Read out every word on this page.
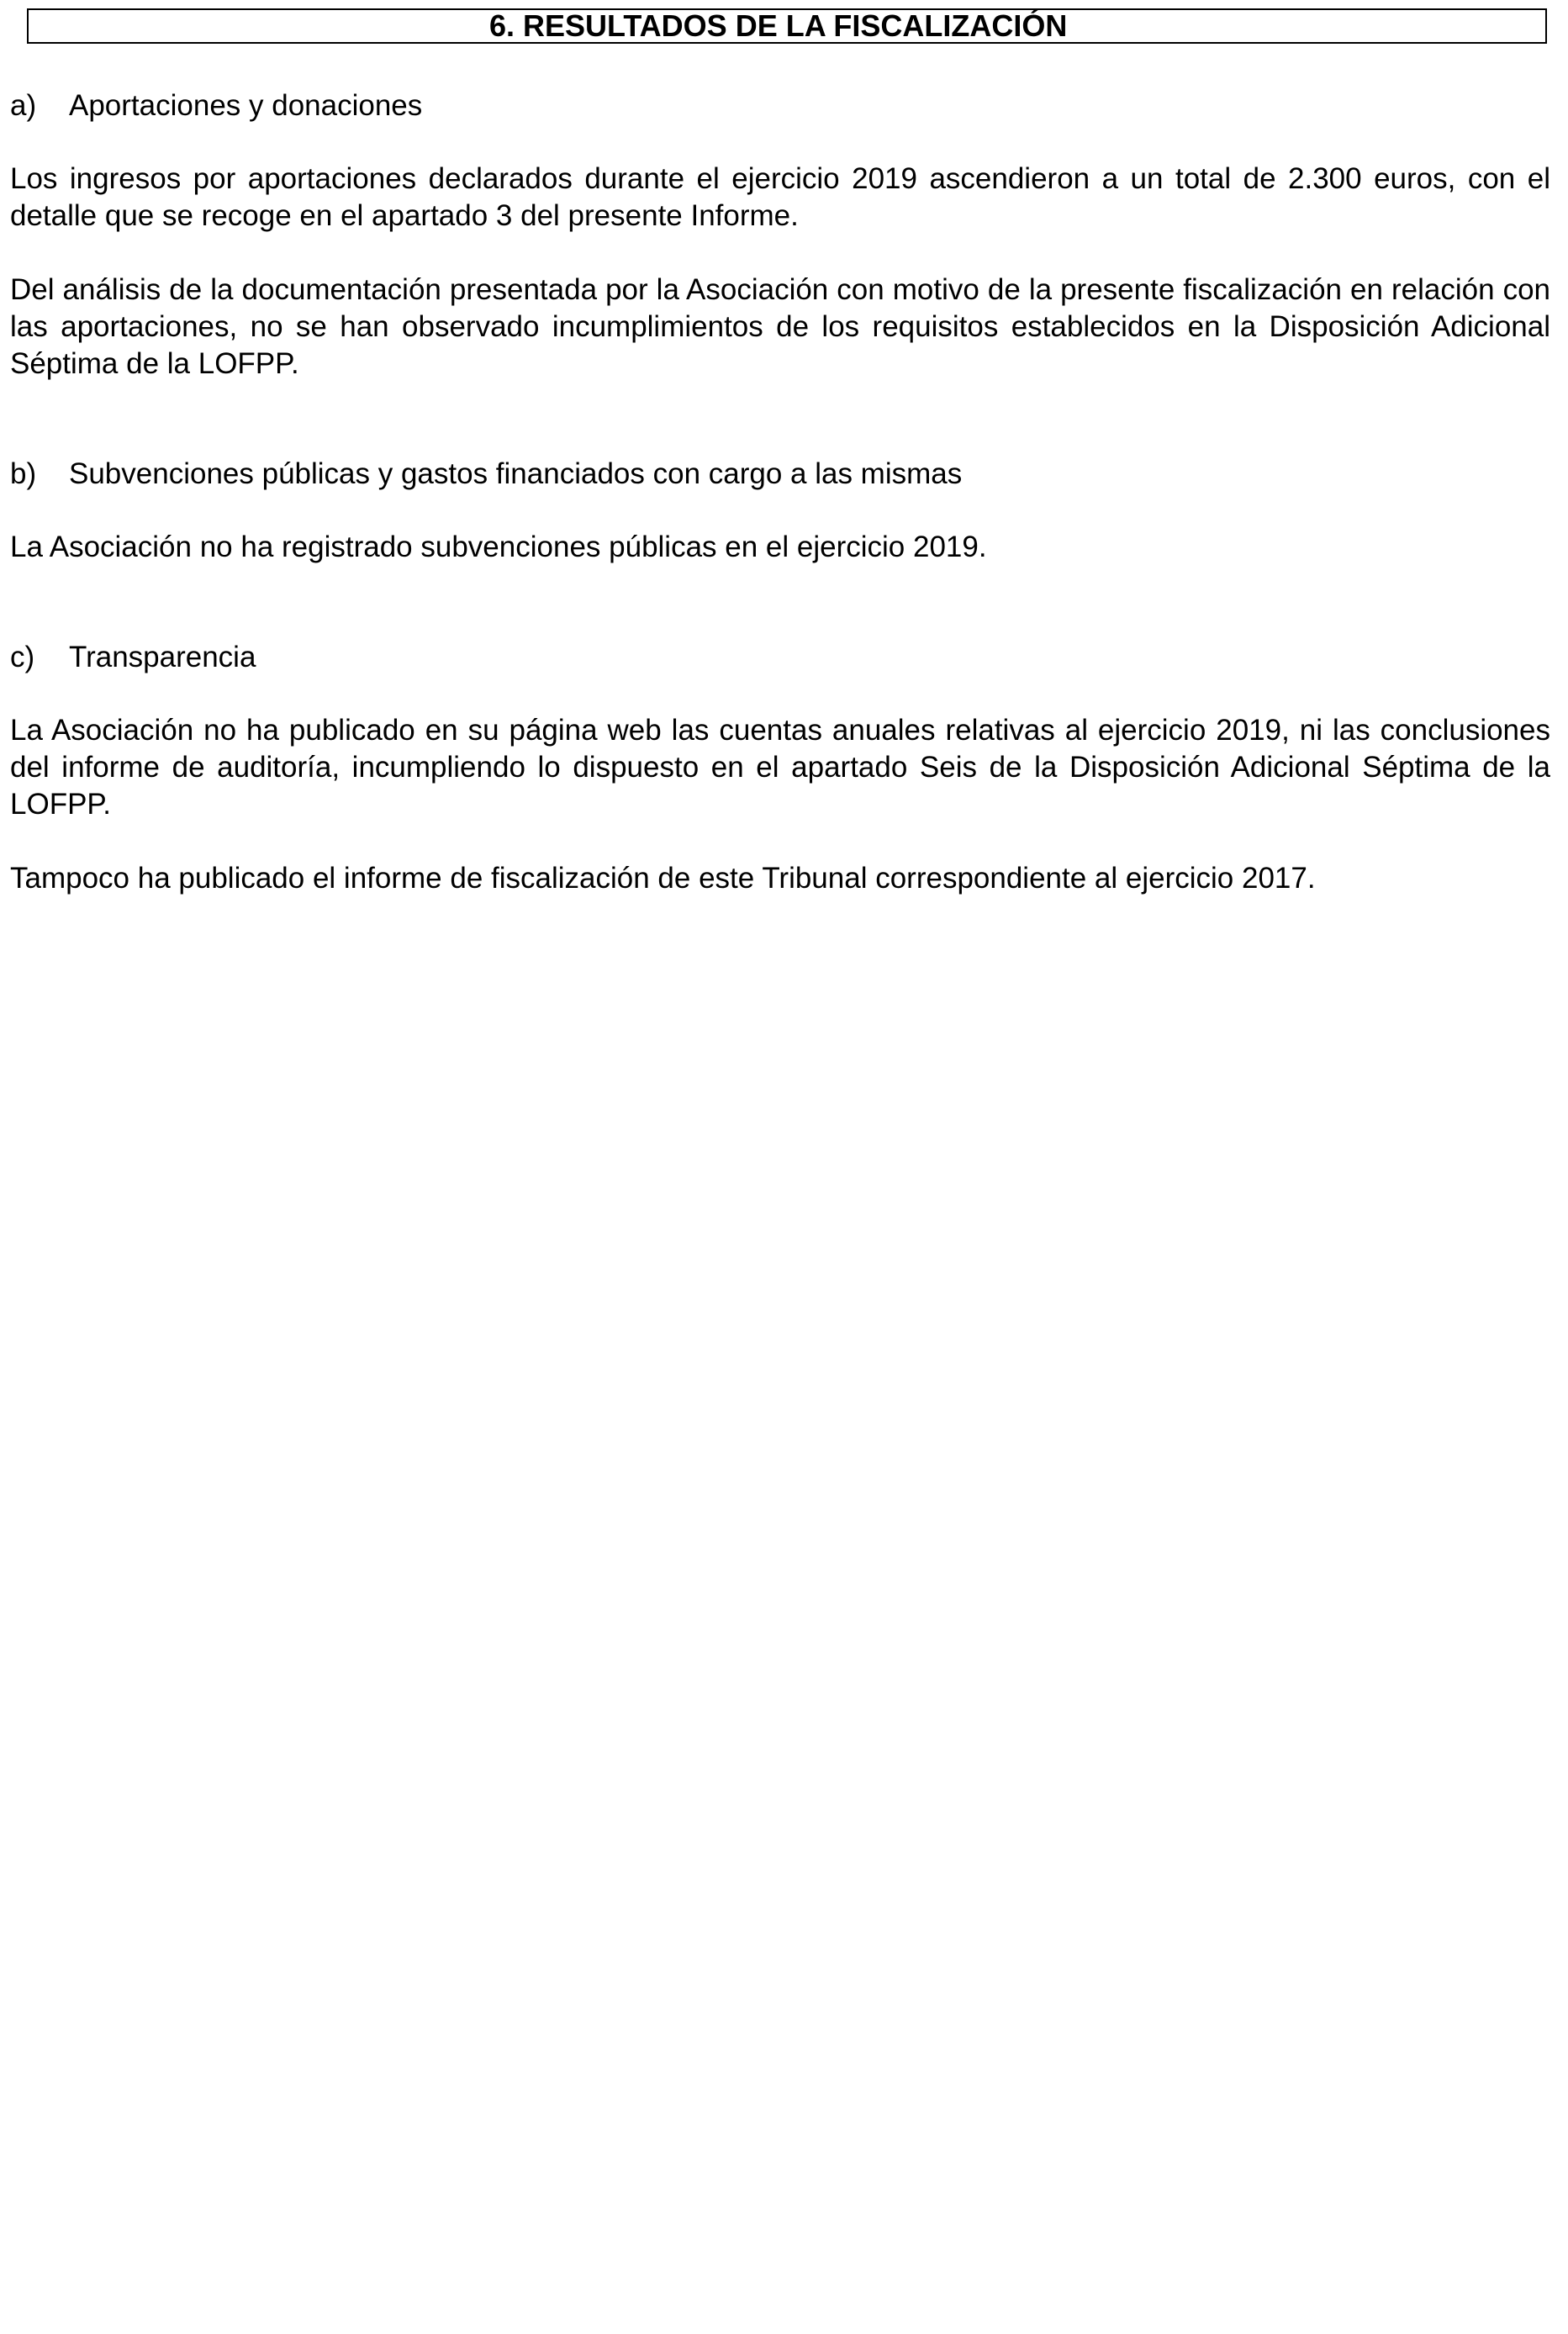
6. RESULTADOS DE LA FISCALIZACIÓN
a)	Aportaciones y donaciones

Los ingresos por aportaciones declarados durante el ejercicio 2019 ascendieron a un total de 2.300 euros, con el detalle que se recoge en el apartado 3 del presente Informe.

Del análisis de la documentación presentada por la Asociación con motivo de la presente fiscalización en relación con las aportaciones, no se han observado incumplimientos de los requisitos establecidos en la Disposición Adicional Séptima de la LOFPP.

b)	Subvenciones públicas y gastos financiados con cargo a las mismas

La Asociación no ha registrado subvenciones públicas en el ejercicio 2019.

c)	Transparencia

La Asociación no ha publicado en su página web las cuentas anuales relativas al ejercicio 2019, ni las conclusiones del informe de auditoría, incumpliendo lo dispuesto en el apartado Seis de la Disposición Adicional Séptima de la LOFPP.

Tampoco ha publicado el informe de fiscalización de este Tribunal correspondiente al ejercicio 2017.
